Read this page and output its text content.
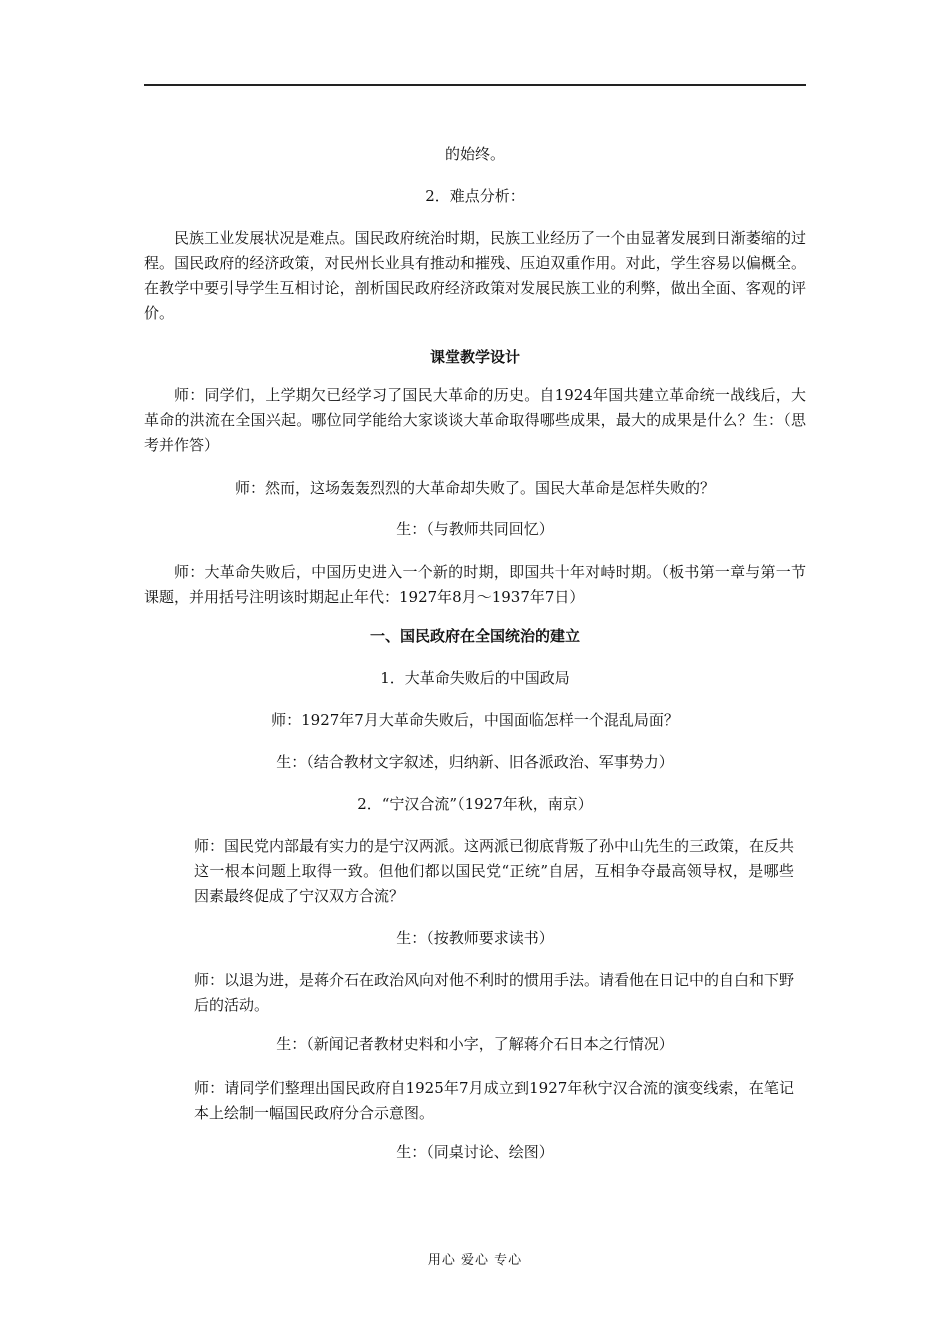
的始终。

2．难点分析：

民族工业发展状况是难点。国民政府统治时期，民族工业经历了一个由显著发展到日渐萎缩的过程。国民政府的经济政策，对民州长业具有推动和摧残、压迫双重作用。对此，学生容易以偏概全。在教学中要引导学生互相讨论，剖析国民政府经济政策对发展民族工业的利弊，做出全面、客观的评价。

课堂教学设计

师：同学们，上学期欠已经学习了国民大革命的历史。自1924年国共建立革命统一战线后，大革命的洪流在全国兴起。哪位同学能给大家谈谈大革命取得哪些成果，最大的成果是什么？生：（思考并作答）

师：然而，这场轰轰烈烈的大革命却失败了。国民大革命是怎样失败的？

生：（与教师共同回忆）

师：大革命失败后，中国历史进入一个新的时期，即国共十年对峙时期。（板书第一章与第一节课题，并用括号注明该时期起止年代：1927年8月～1937年7日）

一、国民政府在全国统治的建立

1．大革命失败后的中国政局

师：1927年7月大革命失败后，中国面临怎样一个混乱局面？

生：（结合教材文字叙述，归纳新、旧各派政治、军事势力）

2．“宁汉合流”（1927年秋，南京）

师：国民党内部最有实力的是宁汉两派。这两派已彻底背叛了孙中山先生的三政策，在反共这一根本问题上取得一致。但他们都以国民党“正统”自居，互相争夺最高领导权，是哪些因素最终促成了宁汉双方合流？

生：（按教师要求读书）

师：以退为进，是蒋介石在政治风向对他不利时的惯用手法。请看他在日记中的自白和下野后的活动。

生：（新闻记者教材史料和小字，了解蒋介石日本之行情况）

师：请同学们整理出国民政府自1925年7月成立到1927年秋宁汉合流的演变线索，在笔记本上绘制一幅国民政府分合示意图。

生：（同桌讨论、绘图）

用心 爱心 专心
